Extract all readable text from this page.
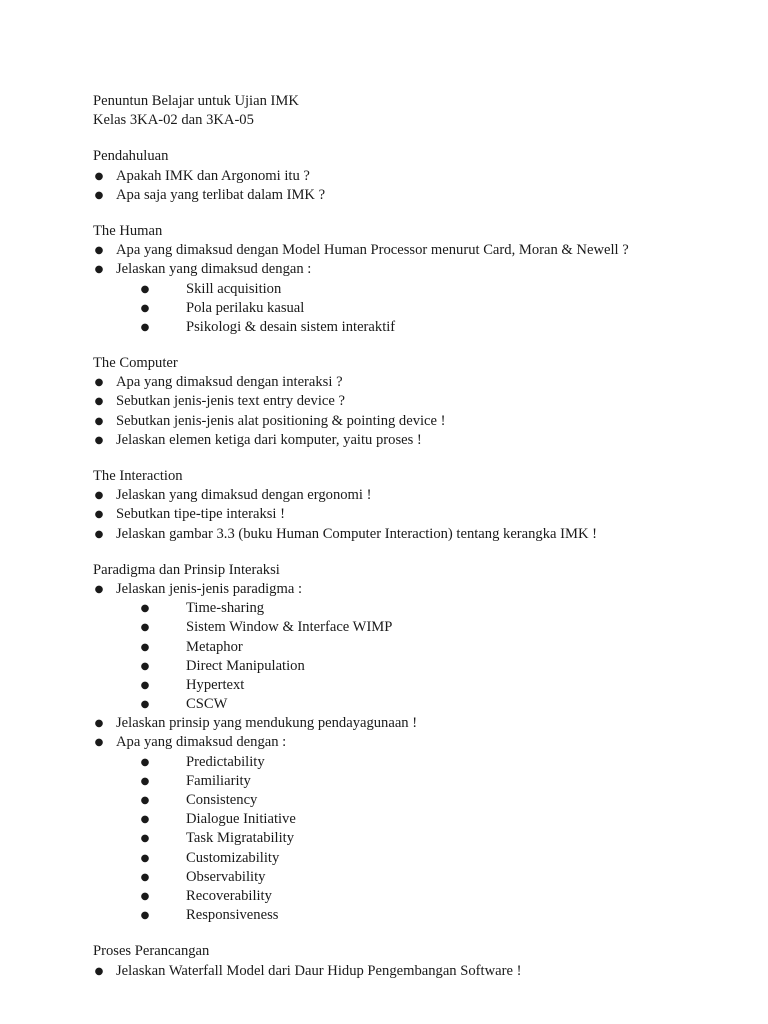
Penuntun Belajar untuk Ujian IMK
Kelas 3KA-02 dan 3KA-05
Pendahuluan
● Apakah IMK dan Argonomi itu ?
● Apa saja yang terlibat dalam IMK ?
The Human
● Apa yang dimaksud dengan Model Human Processor menurut Card, Moran & Newell ?
● Jelaskan yang dimaksud dengan :
●	Skill acquisition
●	Pola perilaku kasual
●	Psikologi & desain sistem interaktif
The Computer
● Apa yang dimaksud dengan interaksi ?
● Sebutkan jenis-jenis text entry device ?
● Sebutkan jenis-jenis alat positioning & pointing device !
● Jelaskan elemen ketiga dari komputer, yaitu proses !
The Interaction
● Jelaskan yang dimaksud dengan ergonomi !
● Sebutkan tipe-tipe interaksi !
● Jelaskan gambar 3.3 (buku Human Computer Interaction) tentang kerangka IMK !
Paradigma dan Prinsip Interaksi
● Jelaskan jenis-jenis paradigma :
●	Time-sharing
●	Sistem Window & Interface WIMP
●	Metaphor
●	Direct Manipulation
●	Hypertext
●	CSCW
● Jelaskan prinsip yang mendukung pendayagunaan !
● Apa yang dimaksud dengan :
●	Predictability
●	Familiarity
●	Consistency
●	Dialogue Initiative
●	Task Migratability
●	Customizability
●	Observability
●	Recoverability
●	Responsiveness
Proses Perancangan
● Jelaskan Waterfall Model dari Daur Hidup Pengembangan Software !
